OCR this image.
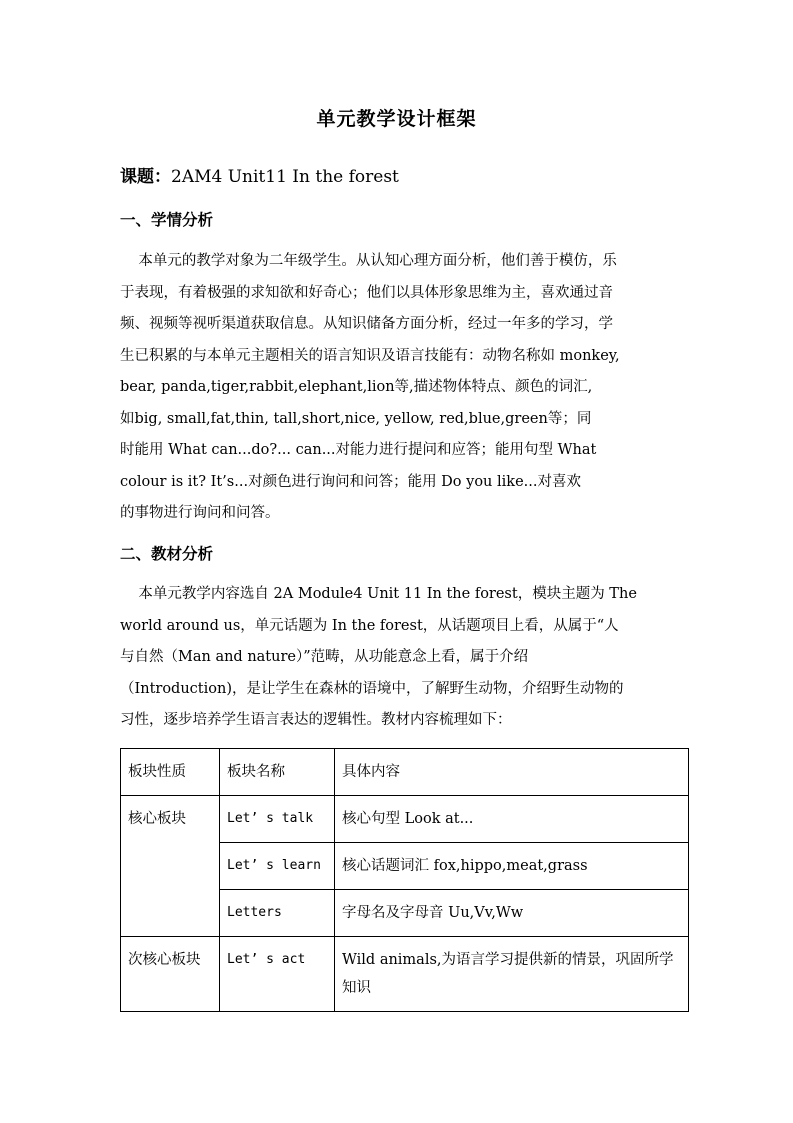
单元教学设计框架
课题：2AM4 Unit11 In the forest
一、学情分析
本单元的教学对象为二年级学生。从认知心理方面分析，他们善于模仿，乐
于表现，有着极强的求知欲和好奇心；他们以具体形象思维为主，喜欢通过音
频、视频等视听渠道获取信息。从知识储备方面分析，经过一年多的学习，学
生已积累的与本单元主题相关的语言知识及语言技能有：动物名称如 monkey,
bear, panda,tiger,rabbit,elephant,lion等,描述物体特点、颜色的词汇,
如big, small,fat,thin, tall,short,nice, yellow, red,blue,green等；同
时能用 What can...do?... can...对能力进行提问和应答；能用句型 What
colour is it? It’s...对颜色进行询问和问答；能用 Do you like...对喜欢
的事物进行询问和问答。
二、教材分析
本单元教学内容选自 2A Module4 Unit 11 In the forest，模块主题为 The
world around us，单元话题为 In the forest，从话题项目上看，从属于“人
与自然（Man and nature）”范畴，从功能意念上看，属于介绍
（Introduction)，是让学生在森林的语境中，了解野生动物，介绍野生动物的
习性，逐步培养学生语言表达的逻辑性。教材内容梳理如下：
板块性质	板块名称	具体内容
核心板块	Let’ s talk	核心句型 Look at...
	Let’ s learn	核心话题词汇 fox,hippo,meat,grass
	Letters	字母名及字母音 Uu,Vv,Ww
次核心板块	Let’ s act	Wild animals,为语言学习提供新的情景，巩固所学知识
